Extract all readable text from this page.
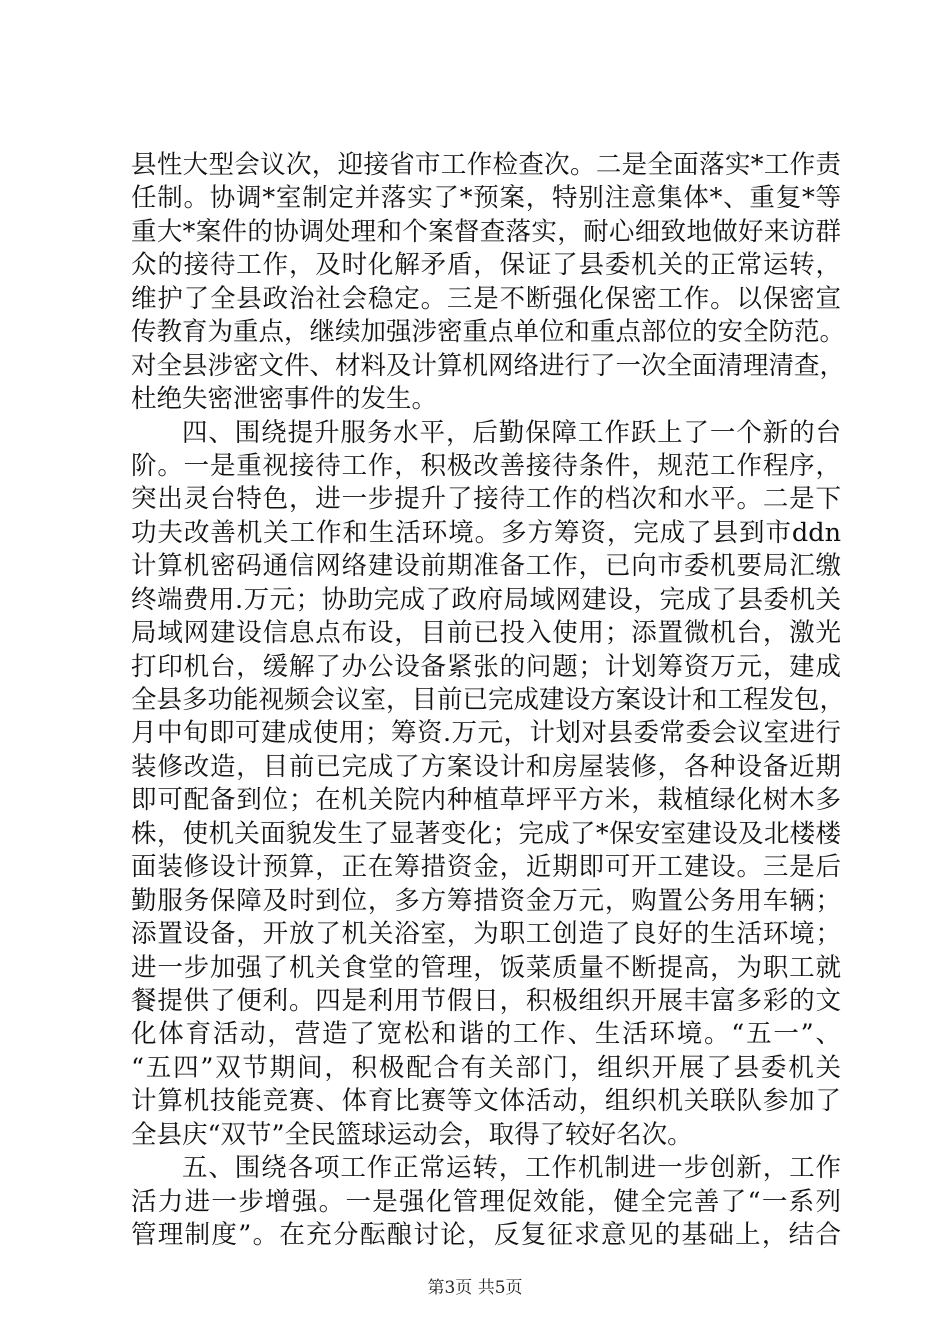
县性大型会议次，迎接省市工作检查次。二是全面落实*工作责
任制。协调*室制定并落实了*预案，特别注意集体*、重复*等
重大*案件的协调处理和个案督查落实，耐心细致地做好来访群
众的接待工作，及时化解矛盾，保证了县委机关的正常运转，
维护了全县政治社会稳定。三是不断强化保密工作。以保密宣
传教育为重点，继续加强涉密重点单位和重点部位的安全防范。
对全县涉密文件、材料及计算机网络进行了一次全面清理清查，
杜绝失密泄密事件的发生。
四、围绕提升服务水平，后勤保障工作跃上了一个新的台
阶。一是重视接待工作，积极改善接待条件，规范工作程序，
突出灵台特色，进一步提升了接待工作的档次和水平。二是下
功夫改善机关工作和生活环境。多方筹资，完成了县到市ddn
计算机密码通信网络建设前期准备工作，已向市委机要局汇缴
终端费用.万元；协助完成了政府局域网建设，完成了县委机关
局域网建设信息点布设，目前已投入使用；添置微机台，激光
打印机台，缓解了办公设备紧张的问题；计划筹资万元，建成
全县多功能视频会议室，目前已完成建设方案设计和工程发包，
月中旬即可建成使用；筹资.万元，计划对县委常委会议室进行
装修改造，目前已完成了方案设计和房屋装修，各种设备近期
即可配备到位；在机关院内种植草坪平方米，栽植绿化树木多
株，使机关面貌发生了显著变化；完成了*保安室建设及北楼楼
面装修设计预算，正在筹措资金，近期即可开工建设。三是后
勤服务保障及时到位，多方筹措资金万元，购置公务用车辆；
添置设备，开放了机关浴室，为职工创造了良好的生活环境；
进一步加强了机关食堂的管理，饭菜质量不断提高，为职工就
餐提供了便利。四是利用节假日，积极组织开展丰富多彩的文
化体育活动，营造了宽松和谐的工作、生活环境。“五一”、
“五四”双节期间，积极配合有关部门，组织开展了县委机关
计算机技能竞赛、体育比赛等文体活动，组织机关联队参加了
全县庆“双节”全民篮球运动会，取得了较好名次。
五、围绕各项工作正常运转，工作机制进一步创新，工作
活力进一步增强。一是强化管理促效能，健全完善了“一系列
管理制度”。在充分酝酿讨论，反复征求意见的基础上，结合
第3页 共5页
